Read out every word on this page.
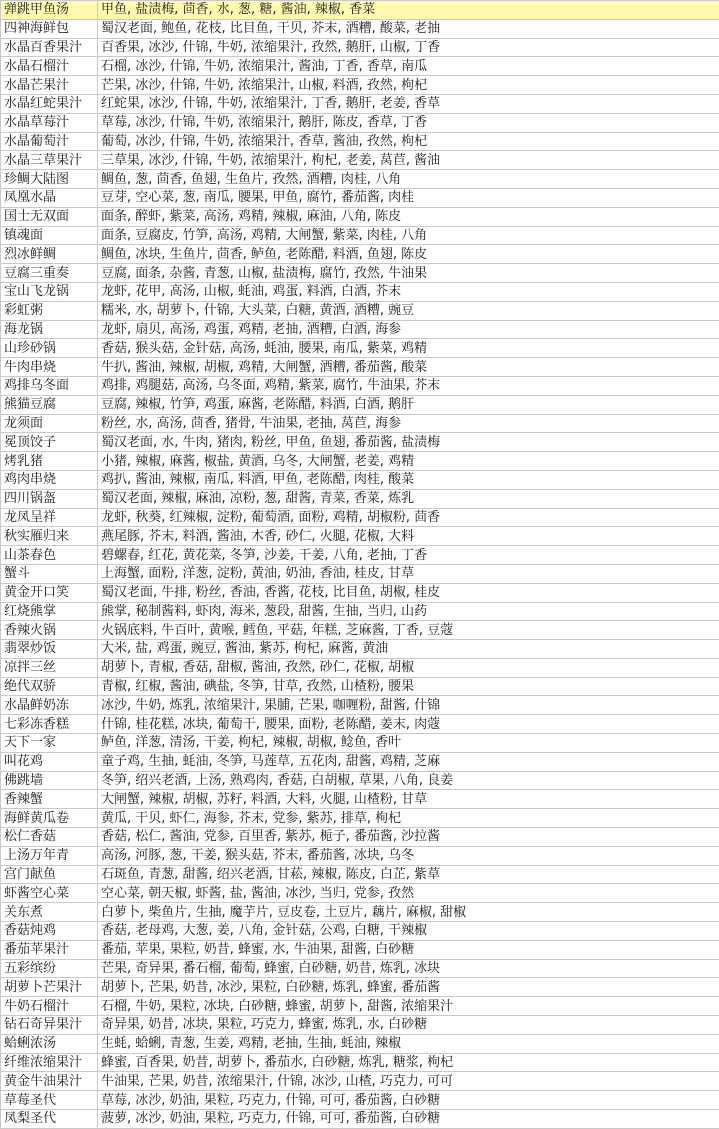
弹跳甲鱼汤	甲鱼, 盐渍梅, 茴香, 水, 葱, 糖, 酱油, 辣椒, 香菜
四神海鲜包	蜀汉老面, 鲍鱼, 花枝, 比目鱼, 干贝, 芥末, 酒糟, 酸菜, 老抽
水晶百香果汁	百香果, 冰沙, 什锦, 牛奶, 浓缩果汁, 孜然, 鹅肝, 山椒, 丁香
水晶石榴汁	石榴, 冰沙, 什锦, 牛奶, 浓缩果汁, 酱油, 丁香, 香草, 南瓜
水晶芒果汁	芒果, 冰沙, 什锦, 牛奶, 浓缩果汁, 山椒, 料酒, 孜然, 枸杞
水晶红蛇果汁	红蛇果, 冰沙, 什锦, 牛奶, 浓缩果汁, 丁香, 鹅肝, 老姜, 香草
水晶草莓汁	草莓, 冰沙, 什锦, 牛奶, 浓缩果汁, 鹅肝, 陈皮, 香草, 丁香
水晶葡萄汁	葡萄, 冰沙, 什锦, 牛奶, 浓缩果汁, 香草, 酱油, 孜然, 枸杞
水晶三草果汁	三草果, 冰沙, 什锦, 牛奶, 浓缩果汁, 枸杞, 老姜, 莴苣, 酱油
珍鲷大陆图	鲷鱼, 葱, 茴香, 鱼翅, 生鱼片, 孜然, 酒糟, 肉桂, 八角
凤凰水晶	豆芽, 空心菜, 葱, 南瓜, 腰果, 甲鱼, 腐竹, 番茄酱, 肉桂
国士无双面	面条, 醉虾, 紫菜, 高汤, 鸡精, 辣椒, 麻油, 八角, 陈皮
镇魂面	面条, 豆腐皮, 竹笋, 高汤, 鸡精, 大闸蟹, 紫菜, 肉桂, 八角
烈冰鲜鲷	鲷鱼, 冰块, 生鱼片, 茴香, 鲈鱼, 老陈醋, 料酒, 鱼翅, 陈皮
豆腐三重奏	豆腐, 面条, 杂酱, 青葱, 山椒, 盐渍梅, 腐竹, 孜然, 牛油果
宝山飞龙锅	龙虾, 花甲, 高汤, 山椒, 蚝油, 鸡蛋, 料酒, 白酒, 芥末
彩虹粥	糯米, 水, 胡萝卜, 什锦, 大头菜, 白糖, 黄酒, 酒糟, 豌豆
海龙锅	龙虾, 扇贝, 高汤, 鸡蛋, 鸡精, 老抽, 酒糟, 白酒, 海参
山珍砂锅	香菇, 猴头菇, 金针菇, 高汤, 蚝油, 腰果, 南瓜, 紫菜, 鸡精
牛肉串烧	牛扒, 酱油, 辣椒, 胡椒, 鸡精, 大闸蟹, 酒糟, 番茄酱, 酸菜
鸡排乌冬面	鸡排, 鸡腿菇, 高汤, 乌冬面, 鸡精, 紫菜, 腐竹, 牛油果, 芥末
熊猫豆腐	豆腐, 辣椒, 竹笋, 鸡蛋, 麻酱, 老陈醋, 料酒, 白酒, 鹅肝
龙须面	粉丝, 水, 高汤, 茴香, 猪骨, 牛油果, 老抽, 莴苣, 海参
冕顶饺子	蜀汉老面, 水, 牛肉, 猪肉, 粉丝, 甲鱼, 鱼翅, 番茄酱, 盐渍梅
烤乳猪	小猪, 辣椒, 麻酱, 椒盐, 黄酒, 乌冬, 大闸蟹, 老姜, 鸡精
鸡肉串烧	鸡扒, 酱油, 辣椒, 南瓜, 料酒, 甲鱼, 老陈醋, 肉桂, 酸菜
四川锅盔	蜀汉老面, 辣椒, 麻油, 凉粉, 葱, 甜酱, 青菜, 香菜, 炼乳
龙凤呈祥	龙虾, 秋葵, 红辣椒, 淀粉, 葡萄酒, 面粉, 鸡精, 胡椒粉, 茴香
秋实雁归来	燕尾豚, 芥末, 料酒, 酱油, 木香, 砂仁, 火腿, 花椒, 大料
山茶春色	碧螺春, 红花, 黄花菜, 冬笋, 沙姜, 干姜, 八角, 老抽, 丁香
蟹斗	上海蟹, 面粉, 洋葱, 淀粉, 黄油, 奶油, 香油, 桂皮, 甘草
黄金开口笑	蜀汉老面, 牛排, 粉丝, 香油, 香酱, 花枝, 比目鱼, 胡椒, 桂皮
红烧熊掌	熊掌, 秘制酱料, 虾肉, 海米, 葱段, 甜酱, 生抽, 当归, 山药
香辣火锅	火锅底料, 牛百叶, 黄喉, 鳕鱼, 平菇, 年糕, 芝麻酱, 丁香, 豆蔻
翡翠炒饭	大米, 盐, 鸡蛋, 豌豆, 酱油, 紫苏, 枸杞, 麻酱, 黄油
凉拌三丝	胡萝卜, 青椒, 香菇, 甜椒, 酱油, 孜然, 砂仁, 花椒, 胡椒
绝代双骄	青椒, 红椒, 酱油, 碘盐, 冬笋, 甘草, 孜然, 山楂粉, 腰果
水晶鲜奶冻	冰沙, 牛奶, 炼乳, 浓缩果汁, 果脯, 芒果, 咖喱粉, 甜酱, 什锦
七彩冻香糕	什锦, 桂花糕, 冰块, 葡萄干, 腰果, 面粉, 老陈醋, 姜末, 肉蔻
天下一家	鲈鱼, 洋葱, 清汤, 干姜, 枸杞, 辣椒, 胡椒, 鲶鱼, 香叶
叫花鸡	童子鸡, 生抽, 蚝油, 冬笋, 马莲草, 五花肉, 甜酱, 鸡精, 芝麻
佛跳墙	冬笋, 绍兴老酒, 上汤, 熟鸡肉, 香菇, 白胡椒, 草果, 八角, 良姜
香辣蟹	大闸蟹, 辣椒, 胡椒, 苏籽, 料酒, 大料, 火腿, 山楂粉, 甘草
海鲜黄瓜卷	黄瓜, 干贝, 虾仁, 海参, 芥末, 党参, 紫苏, 排草, 枸杞
松仁香菇	香菇, 松仁, 酱油, 党参, 百里香, 紫苏, 栀子, 番茄酱, 沙拉酱
上汤万年青	高汤, 河豚, 葱, 干姜, 猴头菇, 芥末, 番茄酱, 冰块, 乌冬
宫门献鱼	石斑鱼, 青葱, 甜酱, 绍兴老酒, 甘菘, 辣椒, 陈皮, 白芷, 紫草
虾酱空心菜	空心菜, 朝天椒, 虾酱, 盐, 酱油, 冰沙, 当归, 党参, 孜然
关东煮	白萝卜, 柴鱼片, 生抽, 魔芋片, 豆皮卷, 土豆片, 藕片, 麻椒, 甜椒
香菇炖鸡	香菇, 老母鸡, 大葱, 姜, 八角, 金针菇, 公鸡, 白糖, 干辣椒
番茄苹果汁	番茄, 苹果, 果粒, 奶昔, 蜂蜜, 水, 牛油果, 甜酱, 白砂糖
五彩缤纷	芒果, 奇异果, 番石榴, 葡萄, 蜂蜜, 白砂糖, 奶昔, 炼乳, 冰块
胡萝卜芒果汁	胡萝卜, 芒果, 奶昔, 冰沙, 果粒, 白砂糖, 炼乳, 蜂蜜, 番茄酱
牛奶石榴汁	石榴, 牛奶, 果粒, 冰块, 白砂糖, 蜂蜜, 胡萝卜, 甜酱, 浓缩果汁
钻石奇异果汁	奇异果, 奶昔, 冰块, 果粒, 巧克力, 蜂蜜, 炼乳, 水, 白砂糖
蛤蜊浓汤	生蚝, 蛤蜊, 青葱, 生姜, 鸡精, 老抽, 生抽, 蚝油, 辣椒
纤维浓缩果汁	蜂蜜, 百香果, 奶昔, 胡萝卜, 番茄水, 白砂糖, 炼乳, 糖浆, 枸杞
黄金牛油果汁	牛油果, 芒果, 奶昔, 浓缩果汁, 什锦, 冰沙, 山楂, 巧克力, 可可
草莓圣代	草莓, 冰沙, 奶油, 果粒, 巧克力, 什锦, 可可, 番茄酱, 白砂糖
凤梨圣代	菠萝, 冰沙, 奶油, 果粒, 巧克力, 什锦, 可可, 番茄酱, 白砂糖
